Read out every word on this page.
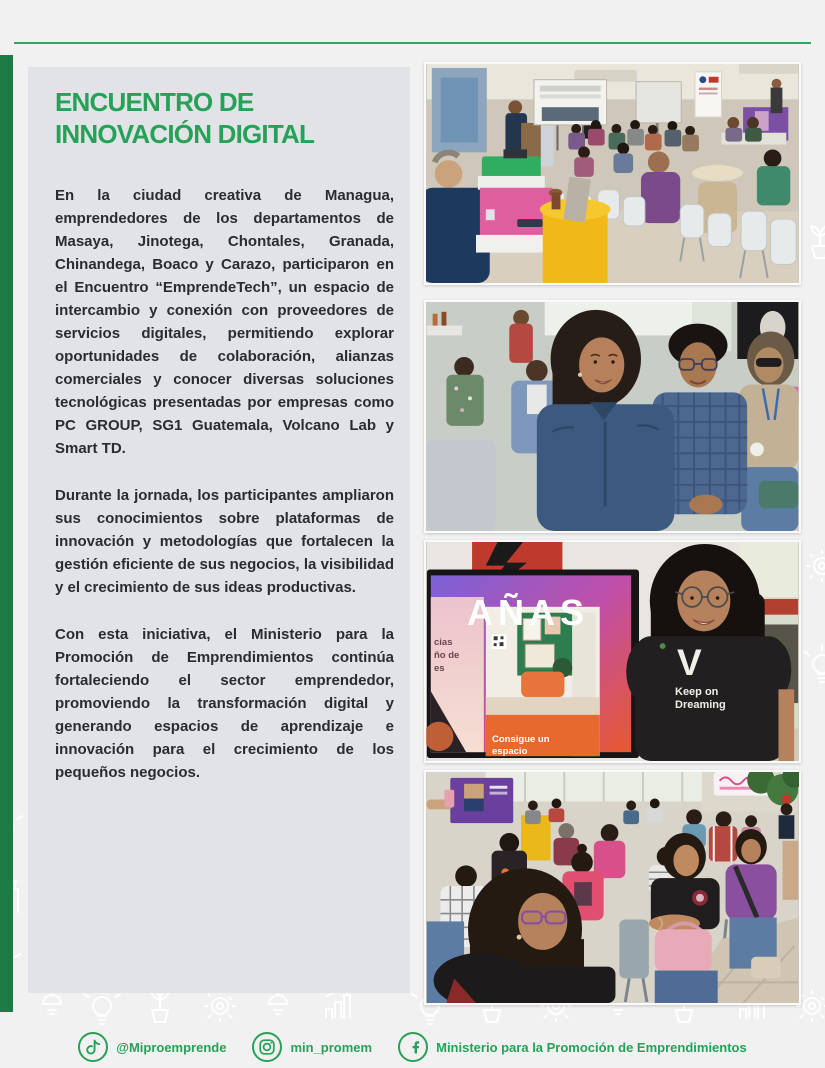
ENCUENTRO DE INNOVACIÓN DIGITAL

En la ciudad creativa de Managua, emprendedores de los departamentos de Masaya, Jinotega, Chontales, Granada, Chinandega, Boaco y Carazo, participaron en el Encuentro “EmprendeTech”, un espacio de intercambio y conexión con proveedores de servicios digitales, permitiendo explorar oportunidades de colaboración, alianzas comerciales y conocer diversas soluciones tecnológicas presentadas por empresas como PC GROUP, SG1 Guatemala, Volcano Lab y Smart TD.

Durante la jornada, los participantes ampliaron sus conocimientos sobre plataformas de innovación y metodologías que fortalecen la gestión eficiente de sus negocios, la visibilidad y el crecimiento de sus ideas productivas.

Con esta iniciativa, el Ministerio para la Promoción de Emprendimientos continúa fortaleciendo el sector emprendedor, promoviendo la transformación digital y generando espacios de aprendizaje e innovación para el crecimiento de los pequeños negocios.

AÑAS
cias
ño de
es
Consigue un espacio
V
Keep on Dreaming
@Miproemprende	min_promem	Ministerio para la Promoción de Emprendimientos
